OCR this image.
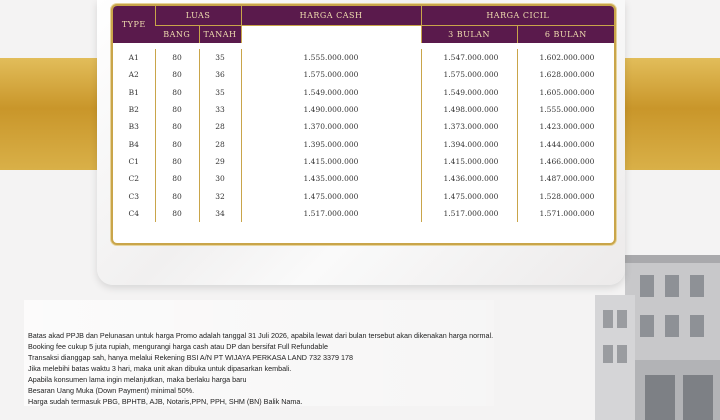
TYPE	LUAS		HARGA CASH	HARGA CICIL	
	BANG	TANAH		3 BULAN	6 BULAN

A1	80	35	1.555.000.000	1.547.000.000	1.602.000.000
A2	80	36	1.575.000.000	1.575.000.000	1.628.000.000
B1	80	35	1.549.000.000	1.549.000.000	1.605.000.000
B2	80	33	1.490.000.000	1.498.000.000	1.555.000.000
B3	80	28	1.370.000.000	1.373.000.000	1.423.000.000
B4	80	28	1.395.000.000	1.394.000.000	1.444.000.000
C1	80	29	1.415.000.000	1.415.000.000	1.466.000.000
C2	80	30	1.435.000.000	1.436.000.000	1.487.000.000
C3	80	32	1.475.000.000	1.475.000.000	1.528.000.000
C4	80	34	1.517.000.000	1.517.000.000	1.571.000.000

Batas akad PPJB dan Pelunasan untuk harga Promo adalah tanggal 31 Juli 2026, apabila lewat dari bulan tersebut akan dikenakan harga normal.

Booking fee cukup 5 juta rupiah, mengurangi harga cash atau DP dan bersifat Full Refundable

Transaksi dianggap sah, hanya melalui Rekening BSI A/N PT WIJAYA PERKASA LAND 732 3379 178

Jika melebihi batas waktu 3 hari, maka unit akan dibuka untuk dipasarkan kembali.

Apabila konsumen lama ingin melanjutkan, maka berlaku harga baru

Besaran Uang Muka (Down Payment) minimal 50%.

Harga sudah termasuk PBG, BPHTB, AJB, Notaris,PPN, PPH, SHM (BN) Balik Nama.
